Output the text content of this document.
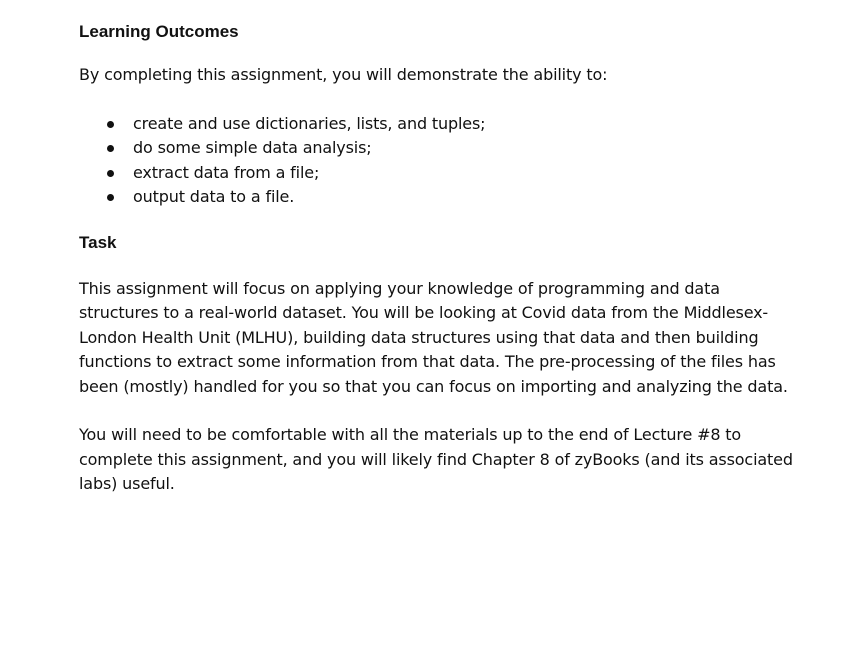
Learning Outcomes

By completing this assignment, you will demonstrate the ability to:

create and use dictionaries, lists, and tuples;
do some simple data analysis;
extract data from a file;
output data to a file.
Task

This assignment will focus on applying your knowledge of programming and data structures to a real-world dataset. You will be looking at Covid data from the Middlesex-London Health Unit (MLHU), building data structures using that data and then building functions to extract some information from that data. The pre-processing of the files has been (mostly) handled for you so that you can focus on importing and analyzing the data.

You will need to be comfortable with all the materials up to the end of Lecture #8 to complete this assignment, and you will likely find Chapter 8 of zyBooks (and its associated labs) useful.
